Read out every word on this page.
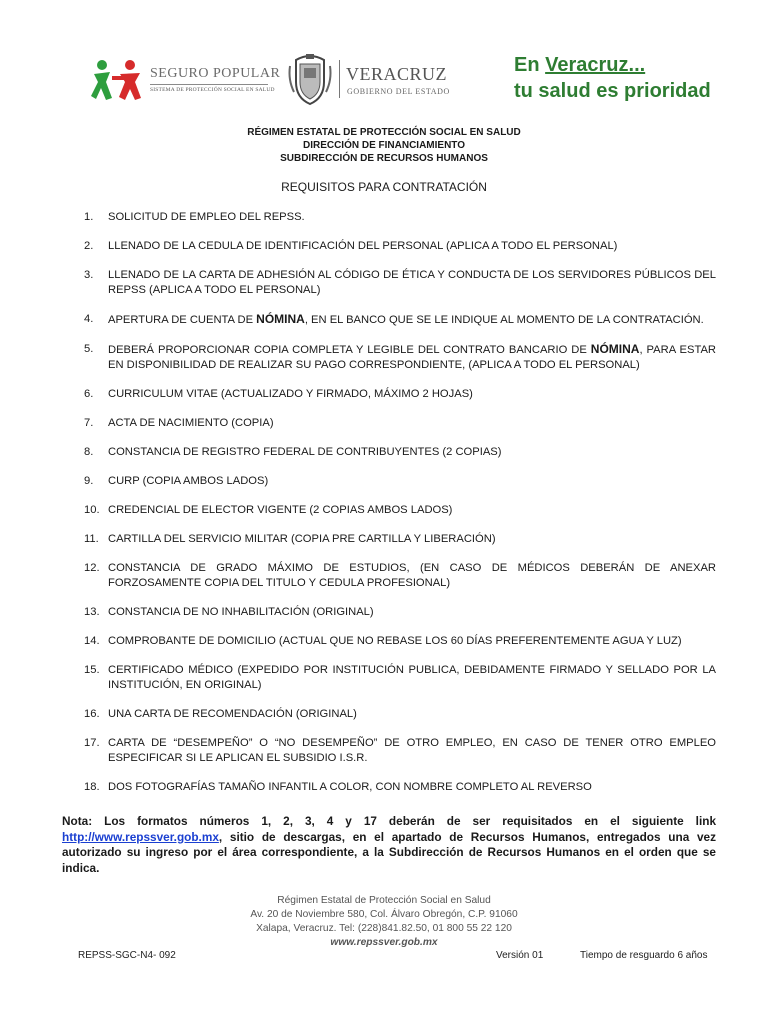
SEGURO POPULAR
SISTEMA DE PROTECCIÓN SOCIAL EN SALUD
VERACRUZ
GOBIERNO DEL ESTADO
En Veracruz...
tu salud es prioridad
RÉGIMEN ESTATAL DE PROTECCIÓN SOCIAL EN SALUD
DIRECCIÓN DE FINANCIAMIENTO
SUBDIRECCIÓN DE RECURSOS HUMANOS
REQUISITOS PARA CONTRATACIÓN
1.	SOLICITUD DE EMPLEO DEL REPSS.
2.	LLENADO DE LA CEDULA DE IDENTIFICACIÓN DEL PERSONAL (APLICA A TODO EL PERSONAL)
3.	LLENADO DE LA CARTA DE ADHESIÓN AL CÓDIGO DE ÉTICA Y CONDUCTA DE LOS SERVIDORES PÚBLICOS DEL REPSS (APLICA A TODO EL PERSONAL)
4.	APERTURA DE CUENTA DE NÓMINA, EN EL BANCO QUE SE LE INDIQUE AL MOMENTO DE LA CONTRATACIÓN.
5.	DEBERÁ PROPORCIONAR COPIA COMPLETA Y LEGIBLE DEL CONTRATO BANCARIO DE NÓMINA, PARA ESTAR EN DISPONIBILIDAD DE REALIZAR SU PAGO CORRESPONDIENTE, (APLICA A TODO EL PERSONAL)
6.	CURRICULUM VITAE (ACTUALIZADO Y FIRMADO, MÁXIMO 2 HOJAS)
7.	ACTA DE NACIMIENTO (COPIA)
8.	CONSTANCIA DE REGISTRO FEDERAL DE CONTRIBUYENTES (2 COPIAS)
9.	CURP (COPIA AMBOS LADOS)
10. CREDENCIAL DE ELECTOR VIGENTE (2 COPIAS AMBOS LADOS)
11. CARTILLA DEL SERVICIO MILITAR (COPIA PRE CARTILLA Y LIBERACIÓN)
12. CONSTANCIA DE GRADO MÁXIMO DE ESTUDIOS, (EN CASO DE MÉDICOS DEBERÁN DE ANEXAR FORZOSAMENTE COPIA DEL TITULO Y CEDULA PROFESIONAL)
13. CONSTANCIA DE NO INHABILITACIÓN (ORIGINAL)
14. COMPROBANTE DE DOMICILIO (ACTUAL QUE NO REBASE LOS 60 DÍAS PREFERENTEMENTE AGUA Y LUZ)
15. CERTIFICADO MÉDICO (EXPEDIDO POR INSTITUCIÓN PUBLICA, DEBIDAMENTE FIRMADO Y SELLADO POR LA INSTITUCIÓN, EN ORIGINAL)
16. UNA CARTA DE RECOMENDACIÓN (ORIGINAL)
17. CARTA DE “DESEMPEÑO” O “NO DESEMPEÑO” DE OTRO EMPLEO, EN CASO DE TENER OTRO EMPLEO ESPECIFICAR SI LE APLICAN EL SUBSIDIO I.S.R.
18. DOS FOTOGRAFÍAS TAMAÑO INFANTIL A COLOR, CON NOMBRE COMPLETO AL REVERSO
Nota: Los formatos números 1, 2, 3, 4 y 17 deberán de ser requisitados en el siguiente link http://www.repssver.gob.mx, sitio de descargas, en el apartado de Recursos Humanos, entregados una vez autorizado su ingreso por el área correspondiente, a la Subdirección de Recursos Humanos en el orden que se indica.
Régimen Estatal de Protección Social en Salud
Av. 20 de Noviembre 580, Col. Álvaro Obregón, C.P. 91060
Xalapa, Veracruz. Tel: (228)841.82.50, 01 800 55 22 120
www.repssver.gob.mx
REPSS-SGC-N4- 092	Versión 01	Tiempo de resguardo 6 años
